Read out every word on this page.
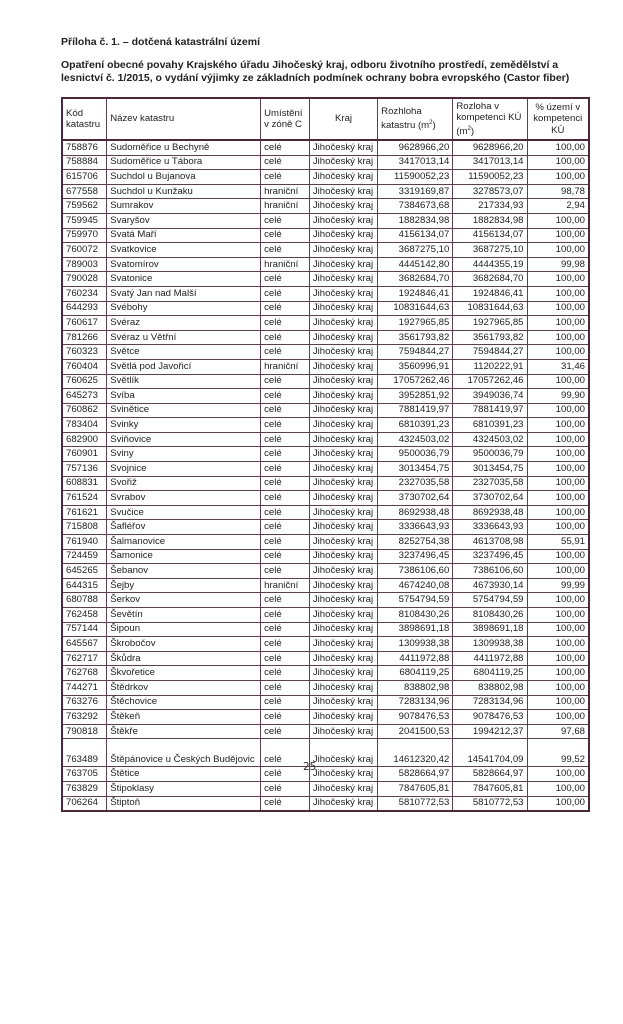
Příloha č. 1. – dotčená katastrální území
Opatření obecné povahy Krajského úřadu Jihočeský kraj, odboru životního prostředí, zemědělství a lesnictví č. 1/2015, o vydání výjimky ze základních podmínek ochrany bobra evropského (Castor fiber)
Kód katastru	Název katastru	Umístění v zóně C	Kraj	Rozhloha katastru $(m^2)$	Rozloha v kompetenci KÚ $(m^2)$	% území v kompetenci KÚ
758876	Sudoměřice u Bechyně	celé	Jihočeský kraj	9628966,20	9628966,20	100,00
758884	Sudoměřice u Tábora	celé	Jihočeský kraj	3417013,14	3417013,14	100,00
615706	Suchdol u Bujanova	celé	Jihočeský kraj	11590052,23	11590052,23	100,00
677558	Suchdol u Kunžaku	hraniční	Jihočeský kraj	3319169,87	3278573,07	98,78
759562	Sumrakov	hraniční	Jihočeský kraj	7384673,68	217334,93	2,94
759945	Svaryšov	celé	Jihočeský kraj	1882834,98	1882834,98	100,00
759970	Svatá Maří	celé	Jihočeský kraj	4156134,07	4156134,07	100,00
760072	Svatkovice	celé	Jihočeský kraj	3687275,10	3687275,10	100,00
789003	Svatomírov	hraniční	Jihočeský kraj	4445142,80	4444355,19	99,98
790028	Svatonice	celé	Jihočeský kraj	3682684,70	3682684,70	100,00
760234	Svatý Jan nad Malší	celé	Jihočeský kraj	1924846,41	1924846,41	100,00
644293	Svébohy	celé	Jihočeský kraj	10831644,63	10831644,63	100,00
760617	Svéraz	celé	Jihočeský kraj	1927965,85	1927965,85	100,00
781266	Svéraz u Větřní	celé	Jihočeský kraj	3561793,82	3561793,82	100,00
760323	Světce	celé	Jihočeský kraj	7594844,27	7594844,27	100,00
760404	Světlá pod Javořicí	hraniční	Jihočeský kraj	3560996,91	1120222,91	31,46
760625	Světlík	celé	Jihočeský kraj	17057262,46	17057262,46	100,00
645273	Svíba	celé	Jihočeský kraj	3952851,92	3949036,74	99,90
760862	Svinětice	celé	Jihočeský kraj	7881419,97	7881419,97	100,00
783404	Svinky	celé	Jihočeský kraj	6810391,23	6810391,23	100,00
682900	Sviňovice	celé	Jihočeský kraj	4324503,02	4324503,02	100,00
760901	Sviny	celé	Jihočeský kraj	9500036,79	9500036,79	100,00
757136	Svojnice	celé	Jihočeský kraj	3013454,75	3013454,75	100,00
608831	Svořiž	celé	Jihočeský kraj	2327035,58	2327035,58	100,00
761524	Svrabov	celé	Jihočeský kraj	3730702,64	3730702,64	100,00
761621	Svučice	celé	Jihočeský kraj	8692938,48	8692938,48	100,00
715808	Šafléřov	celé	Jihočeský kraj	3336643,93	3336643,93	100,00
761940	Šalmanovice	celé	Jihočeský kraj	8252754,38	4613708,98	55,91
724459	Šamonice	celé	Jihočeský kraj	3237496,45	3237496,45	100,00
645265	Šebanov	celé	Jihočeský kraj	7386106,60	7386106,60	100,00
644315	Šejby	hraniční	Jihočeský kraj	4674240,08	4673930,14	99,99
680788	Šerkov	celé	Jihočeský kraj	5754794,59	5754794,59	100,00
762458	Ševětín	celé	Jihočeský kraj	8108430,26	8108430,26	100,00
757144	Šipoun	celé	Jihočeský kraj	3898691,18	3898691,18	100,00
645567	Škrobočov	celé	Jihočeský kraj	1309938,38	1309938,38	100,00
762717	Škůdra	celé	Jihočeský kraj	4411972,88	4411972,88	100,00
762768	Škvořetice	celé	Jihočeský kraj	6804119,25	6804119,25	100,00
744271	Štědrkov	celé	Jihočeský kraj	838802,98	838802,98	100,00
763276	Štěchovice	celé	Jihočeský kraj	7283134,96	7283134,96	100,00
763292	Štěkeň	celé	Jihočeský kraj	9078476,53	9078476,53	100,00
790818	Štěkře	celé	Jihočeský kraj	2041500,53	1994212,37	97,68
763489	Štěpánovice u Českých Budějovic	celé	Jihočeský kraj	14612320,42	14541704,09	99,52
763705	Štětice	celé	Jihočeský kraj	5828664,97	5828664,97	100,00
763829	Štipoklasy	celé	Jihočeský kraj	7847605,81	7847605,81	100,00
706264	Štiptoň	celé	Jihočeský kraj	5810772,53	5810772,53	100,00
25
